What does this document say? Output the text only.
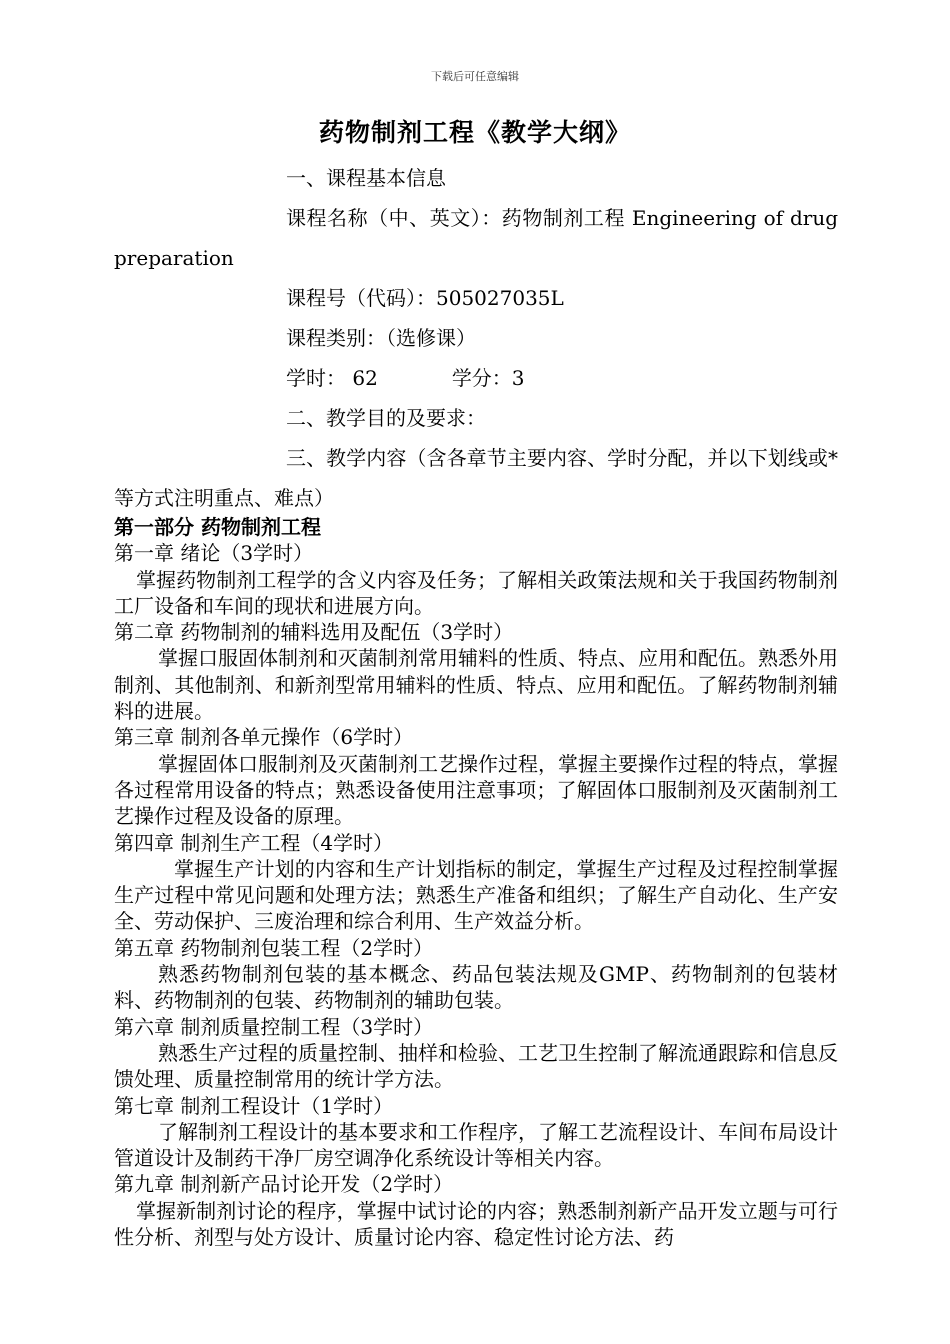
下载后可任意编辑
药物制剂工程《教学大纲》

一、课程基本信息

课程名称（中、英文）：药物制剂工程 Engineering of drug preparation

课程号（代码）：505027035L

课程类别：（选修课）

学时： 62	学分：3

二、教学目的及要求：

三、教学内容（含各章节主要内容、学时分配，并以下划线或*等方式注明重点、难点）

第一部分 药物制剂工程

第一章 绪论（3学时）

掌握药物制剂工程学的含义内容及任务；了解相关政策法规和关于我国药物制剂工厂设备和车间的现状和进展方向。

第二章 药物制剂的辅料选用及配伍（3学时）

掌握口服固体制剂和灭菌制剂常用辅料的性质、特点、应用和配伍。熟悉外用制剂、其他制剂、和新剂型常用辅料的性质、特点、应用和配伍。了解药物制剂辅料的进展。

第三章 制剂各单元操作（6学时）

掌握固体口服制剂及灭菌制剂工艺操作过程，掌握主要操作过程的特点，掌握各过程常用设备的特点；熟悉设备使用注意事项；了解固体口服制剂及灭菌制剂工艺操作过程及设备的原理。

第四章 制剂生产工程（4学时）

掌握生产计划的内容和生产计划指标的制定，掌握生产过程及过程控制掌握生产过程中常见问题和处理方法；熟悉生产准备和组织；了解生产自动化、生产安全、劳动保护、三废治理和综合利用、生产效益分析。

第五章 药物制剂包装工程（2学时）

熟悉药物制剂包装的基本概念、药品包装法规及GMP、药物制剂的包装材料、药物制剂的包装、药物制剂的辅助包装。

第六章 制剂质量控制工程（3学时）

熟悉生产过程的质量控制、抽样和检验、工艺卫生控制了解流通跟踪和信息反馈处理、质量控制常用的统计学方法。

第七章 制剂工程设计（1学时）

了解制剂工程设计的基本要求和工作程序，了解工艺流程设计、车间布局设计管道设计及制药干净厂房空调净化系统设计等相关内容。

第九章 制剂新产品讨论开发（2学时）

掌握新制剂讨论的程序，掌握中试讨论的内容；熟悉制剂新产品开发立题与可行性分析、剂型与处方设计、质量讨论内容、稳定性讨论方法、药
